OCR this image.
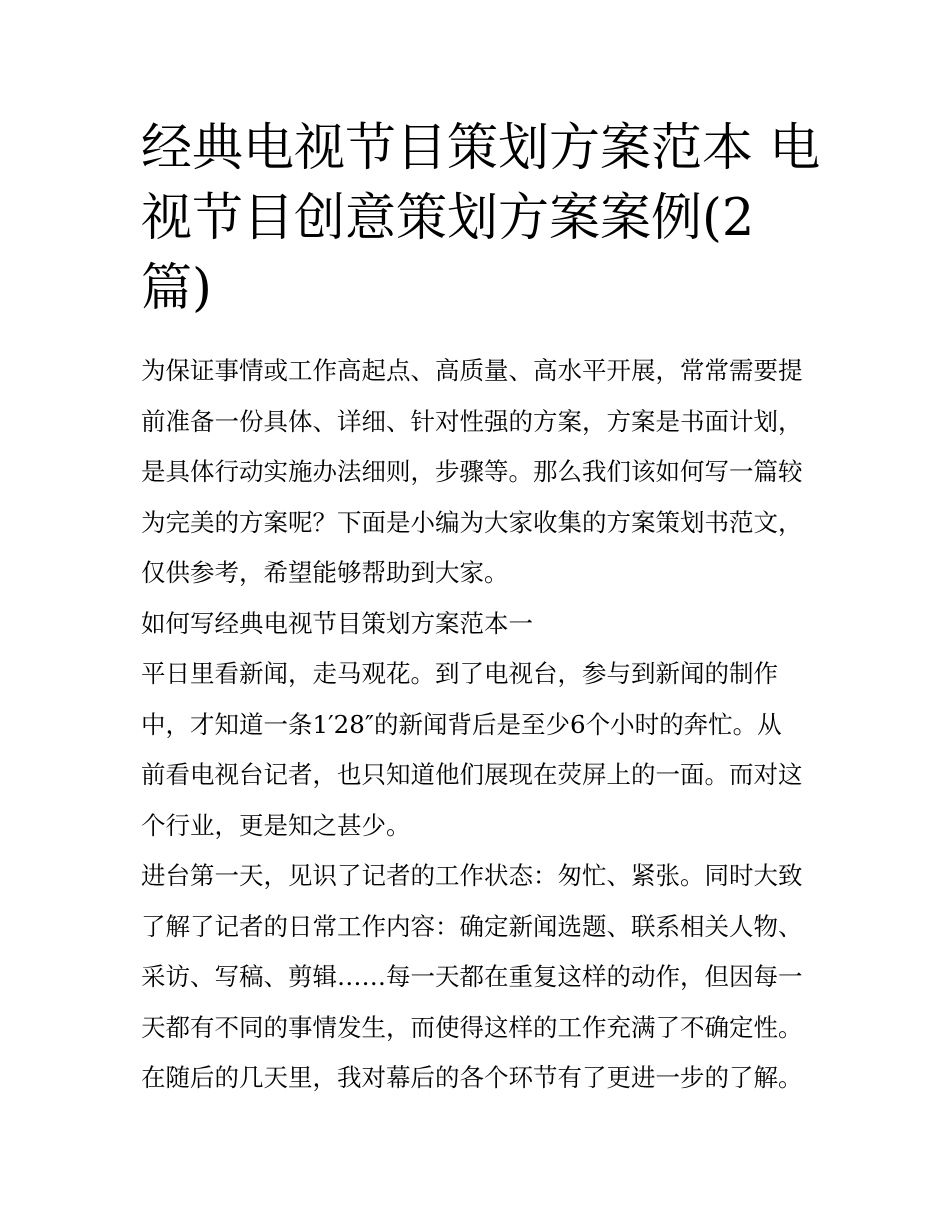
经典电视节目策划方案范本 电
视节目创意策划方案案例(2
篇)
为保证事情或工作高起点、高质量、高水平开展，常常需要提
前准备一份具体、详细、针对性强的方案，方案是书面计划，
是具体行动实施办法细则，步骤等。那么我们该如何写一篇较
为完美的方案呢？下面是小编为大家收集的方案策划书范文，
仅供参考，希望能够帮助到大家。
如何写经典电视节目策划方案范本一
平日里看新闻，走马观花。到了电视台，参与到新闻的制作
中，才知道一条1′28″的新闻背后是至少6个小时的奔忙。从
前看电视台记者，也只知道他们展现在荧屏上的一面。而对这
个行业，更是知之甚少。
进台第一天，见识了记者的工作状态：匆忙、紧张。同时大致
了解了记者的日常工作内容：确定新闻选题、联系相关人物、
采访、写稿、剪辑……每一天都在重复这样的动作，但因每一
天都有不同的事情发生，而使得这样的工作充满了不确定性。
在随后的几天里，我对幕后的各个环节有了更进一步的了解。
